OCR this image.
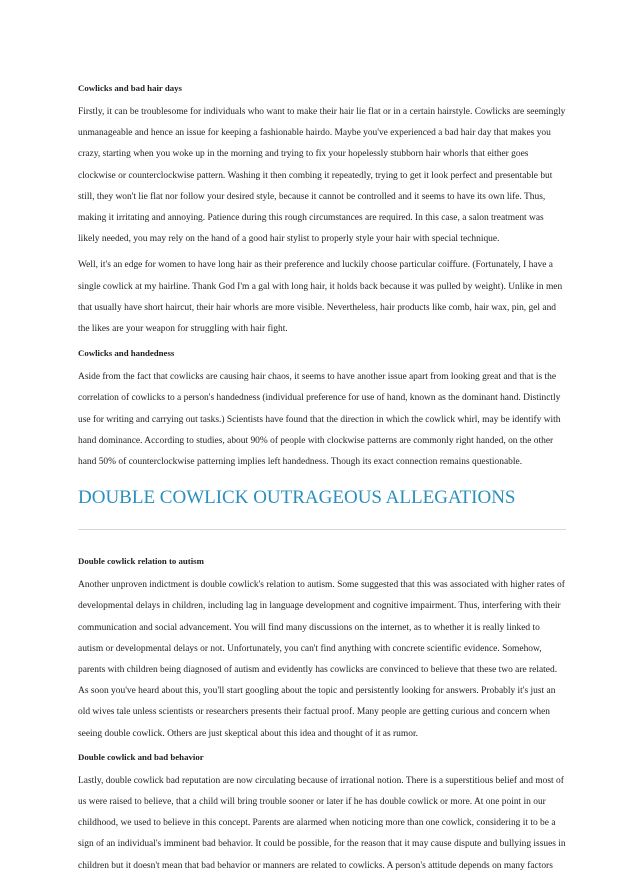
Cowlicks and bad hair days

Firstly, it can be troublesome for individuals who want to make their hair lie flat or in a certain hairstyle. Cowlicks are seemingly unmanageable and hence an issue for keeping a fashionable hairdo. Maybe you've experienced a bad hair day that makes you crazy, starting when you woke up in the morning and trying to fix your hopelessly stubborn hair whorls that either goes clockwise or counterclockwise pattern. Washing it then combing it repeatedly, trying to get it look perfect and presentable but still, they won't lie flat nor follow your desired style, because it cannot be controlled and it seems to have its own life. Thus, making it irritating and annoying. Patience during this rough circumstances are required. In this case, a salon treatment was likely needed, you may rely on the hand of a good hair stylist to properly style your hair with special technique.

Well, it's an edge for women to have long hair as their preference and luckily choose particular coiffure. (Fortunately, I have a single cowlick at my hairline. Thank God I'm a gal with long hair, it holds back because it was pulled by weight). Unlike in men that usually have short haircut, their hair whorls are more visible. Nevertheless, hair products like comb, hair wax, pin, gel and the likes are your weapon for struggling with hair fight.

Cowlicks and handedness

Aside from the fact that cowlicks are causing hair chaos, it seems to have another issue apart from looking great and that is the correlation of cowlicks to a person's handedness (individual preference for use of hand, known as the dominant hand. Distinctly use for writing and carrying out tasks.) Scientists have found that the direction in which the cowlick whirl, may be identify with hand dominance. According to studies, about 90% of people with clockwise patterns are commonly right handed, on the other hand 50% of counterclockwise patterning implies left handedness. Though its exact connection remains questionable.

DOUBLE COWLICK OUTRAGEOUS ALLEGATIONS

Double cowlick relation to autism

Another unproven indictment is double cowlick's relation to autism. Some suggested that this was associated with higher rates of developmental delays in children, including lag in language development and cognitive impairment. Thus, interfering with their communication and social advancement. You will find many discussions on the internet, as to whether it is really linked to autism or developmental delays or not. Unfortunately, you can't find anything with concrete scientific evidence. Somehow, parents with children being diagnosed of autism and evidently has cowlicks are convinced to believe that these two are related. As soon you've heard about this, you'll start googling about the topic and persistently looking for answers. Probably it's just an old wives tale unless scientists or researchers presents their factual proof. Many people are getting curious and concern when seeing double cowlick. Others are just skeptical about this idea and thought of it as rumor.

Double cowlick and bad behavior

Lastly, double cowlick bad reputation are now circulating because of irrational notion. There is a superstitious belief and most of us were raised to believe, that a child will bring trouble sooner or later if he has double cowlick or more. At one point in our childhood, we used to believe in this concept. Parents are alarmed when noticing more than one cowlick, considering it to be a sign of an individual's imminent bad behavior. It could be possible, for the reason that it may cause dispute and bullying issues in children but it doesn't mean that bad behavior or manners are related to cowlicks. A person's attitude depends on many factors
